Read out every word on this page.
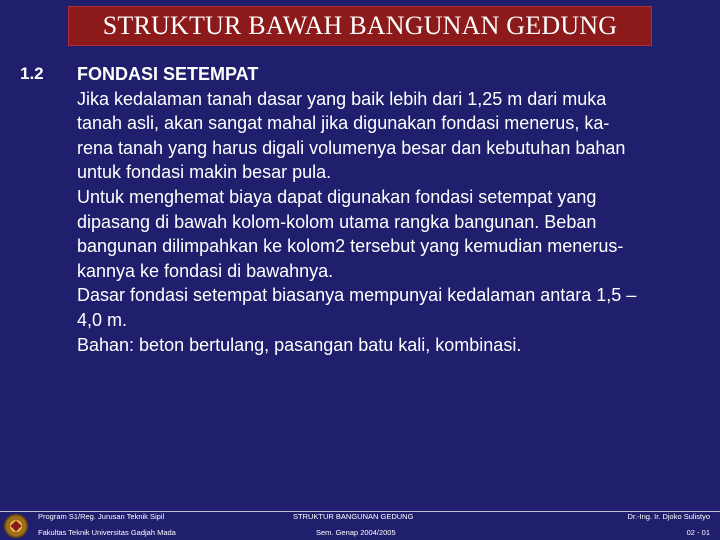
STRUKTUR BAWAH BANGUNAN GEDUNG
1.2 FONDASI SETEMPAT
Jika kedalaman tanah dasar yang baik lebih dari 1,25 m dari muka
tanah asli, akan sangat mahal jika digunakan fondasi menerus, ka-
rena tanah yang harus digali volumenya besar dan kebutuhan bahan
untuk fondasi makin besar pula.
Untuk menghemat biaya dapat digunakan fondasi setempat yang
dipasang di bawah kolom-kolom utama rangka bangunan. Beban
bangunan dilimpahkan ke kolom2 tersebut yang kemudian menerus-
kannya ke fondasi di bawahnya.
Dasar fondasi setempat biasanya mempunyai kedalaman antara 1,5 –
4,0 m.
Bahan: beton bertulang, pasangan batu kali, kombinasi.
Program S1/Reg. Jurusan Teknik Sipil
Fakultas Teknik Universitas Gadjah Mada
STRUKTUR BANGUNAN GEDUNG
Sem. Genap 2004/2005
Dr.-Ing. Ir. Djoko Sulistyo
02 - 01
